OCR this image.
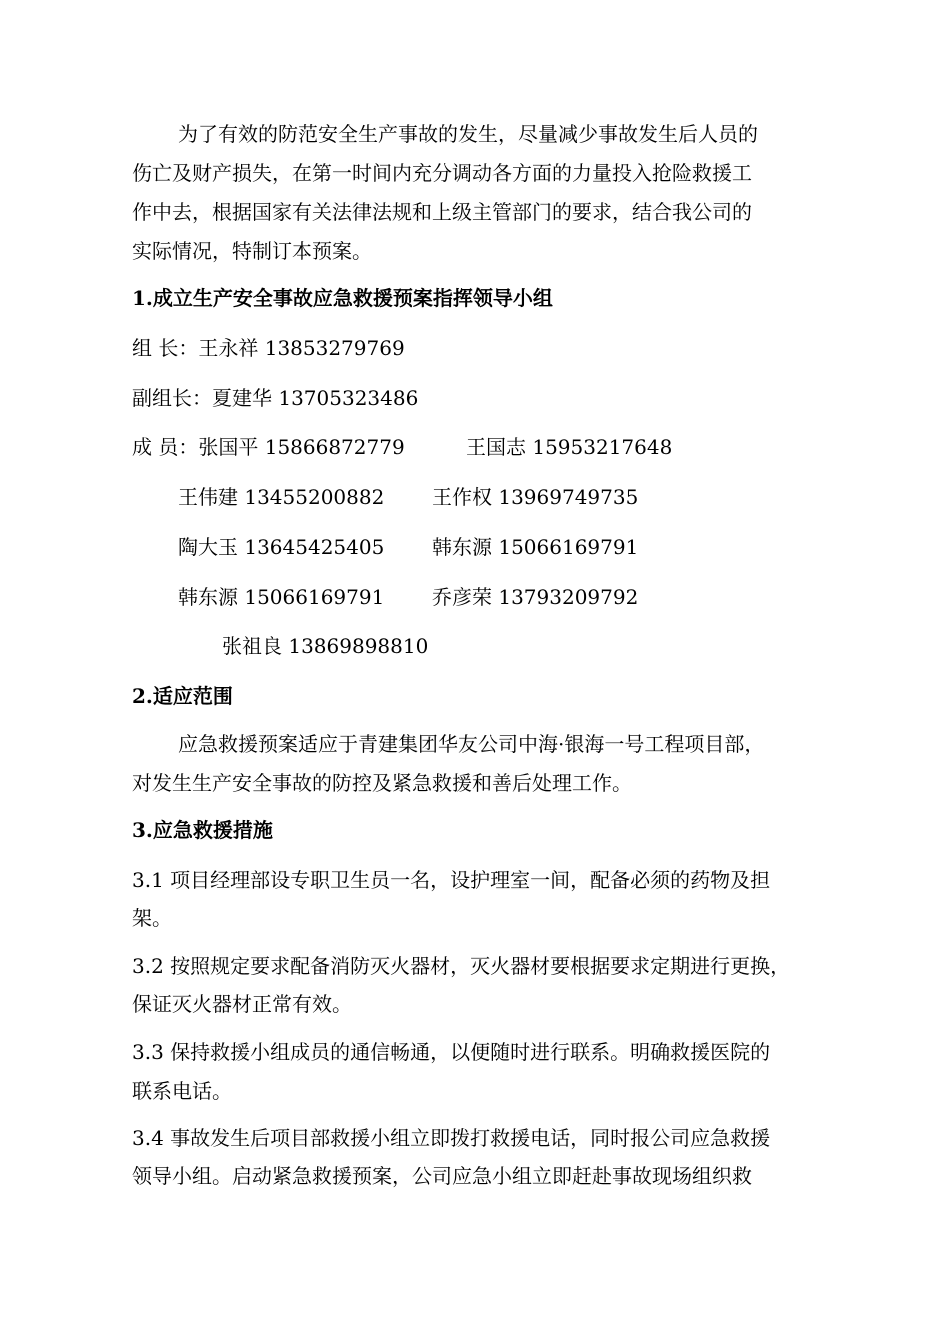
为了有效的防范安全生产事故的发生，尽量减少事故发生后人员的
伤亡及财产损失，在第一时间内充分调动各方面的力量投入抢险救援工
作中去，根据国家有关法律法规和上级主管部门的要求，结合我公司的
实际情况，特制订本预案。
1.成立生产安全事故应急救援预案指挥领导小组
组 长：王永祥 13853279769
副组长：夏建华 13705323486
成 员：张国平 15866872779	王国志 15953217648
王伟建 13455200882 王作权 13969749735
陶大玉 13645425405 韩东源 15066169791
韩东源 15066169791 乔彦荣 13793209792
张祖良 13869898810
2.适应范围
应急救援预案适应于青建集团华友公司中海·银海一号工程项目部，
对发生生产安全事故的防控及紧急救援和善后处理工作。
3.应急救援措施
3.1 项目经理部设专职卫生员一名，设护理室一间，配备必须的药物及担
架。
3.2 按照规定要求配备消防灭火器材，灭火器材要根据要求定期进行更换，
保证灭火器材正常有效。
3.3 保持救援小组成员的通信畅通，以便随时进行联系。明确救援医院的
联系电话。
3.4 事故发生后项目部救援小组立即拨打救援电话，同时报公司应急救援
领导小组。启动紧急救援预案，公司应急小组立即赶赴事故现场组织救
